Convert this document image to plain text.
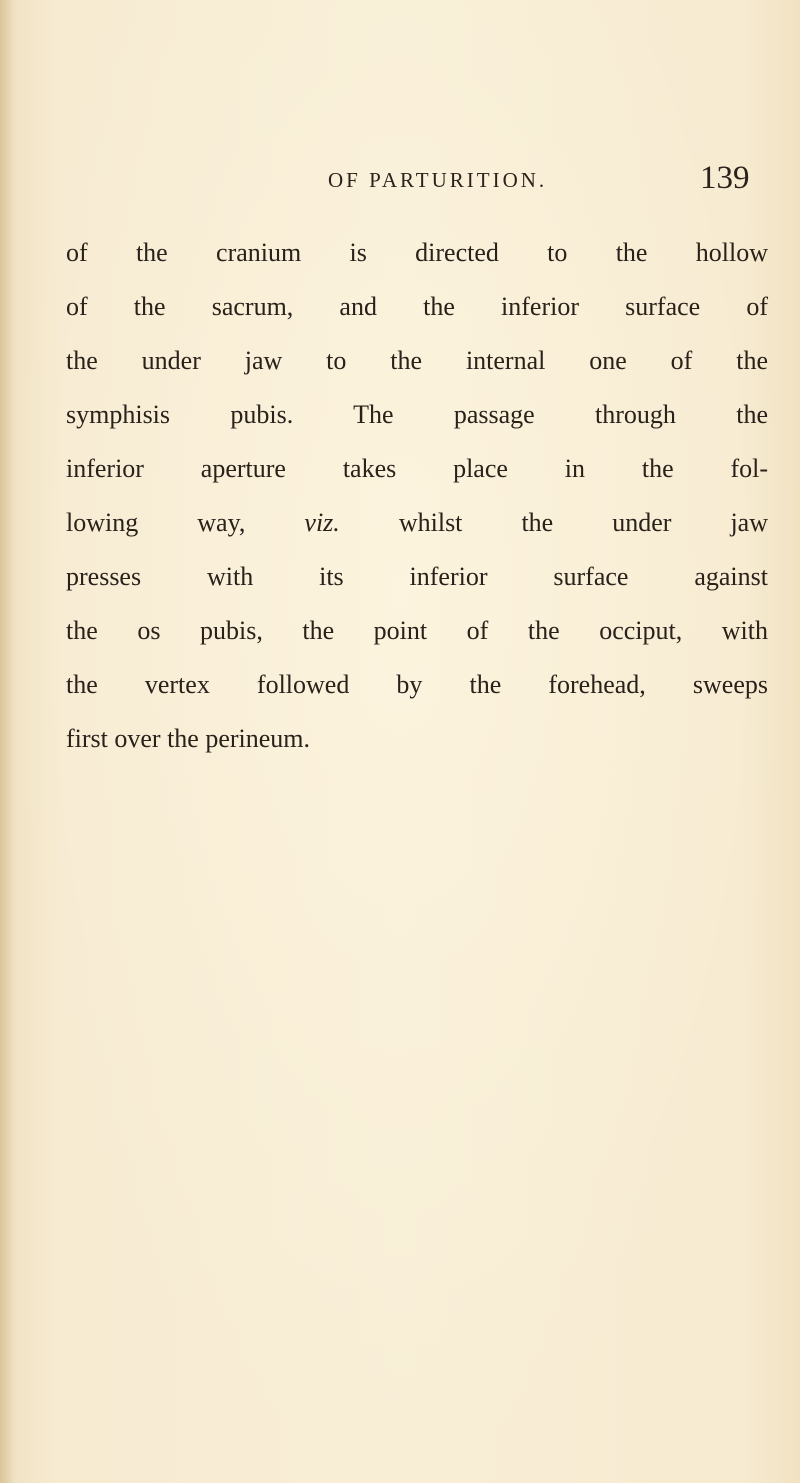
OF PARTURITION.	139
of the cranium is directed to the hollow
of the sacrum, and the inferior surface of
the under jaw to the internal one of the
symphisis pubis. The passage through the
inferior aperture takes place in the fol-
lowing way, viz. whilst the under jaw
presses with its inferior surface against
the os pubis, the point of the occiput, with
the vertex followed by the forehead, sweeps
first over the perineum.
